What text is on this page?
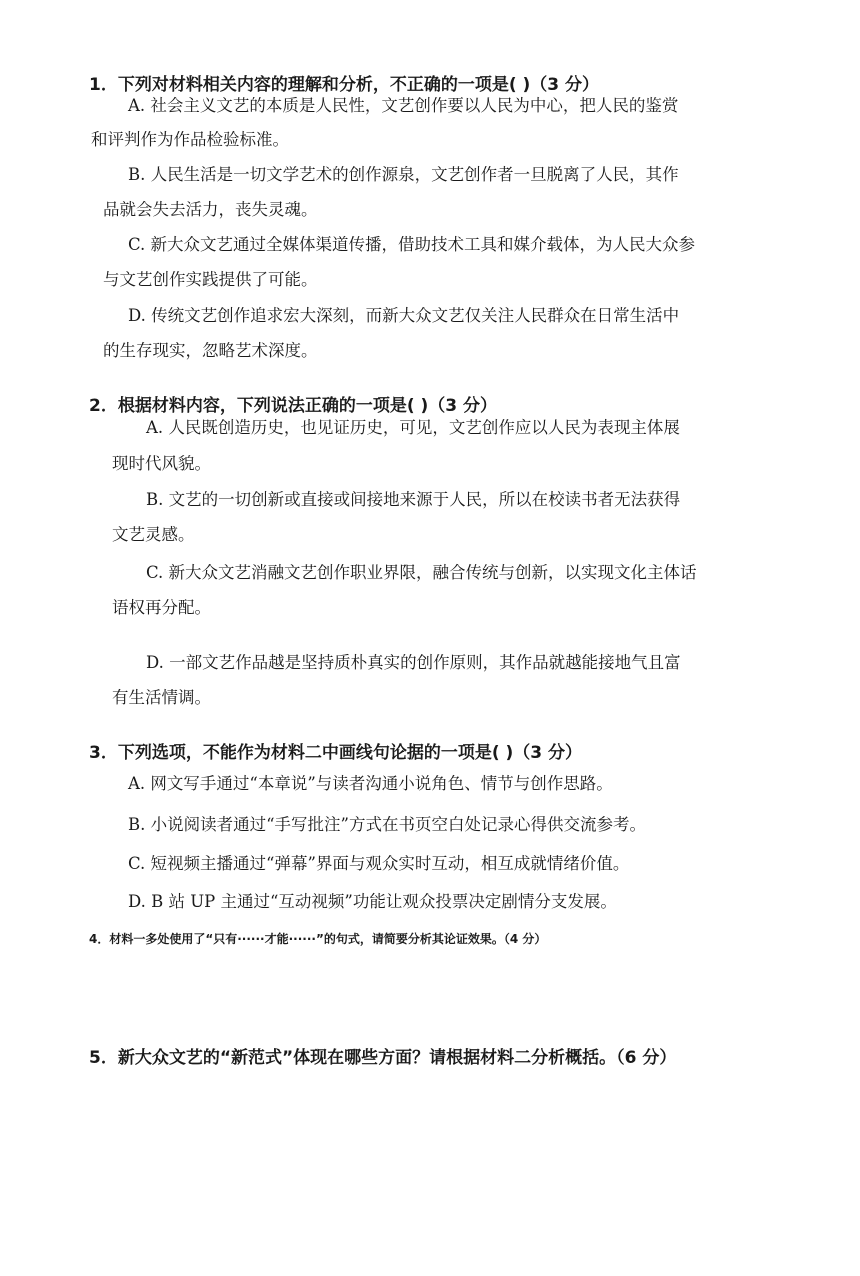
1．下列对材料相关内容的理解和分析，不正确的一项是( )（3 分）
A. 社会主义文艺的本质是人民性，文艺创作要以人民为中心，把人民的鉴赏
和评判作为作品检验标准。
B. 人民生活是一切文学艺术的创作源泉，文艺创作者一旦脱离了人民，其作
品就会失去活力，丧失灵魂。
C. 新大众文艺通过全媒体渠道传播，借助技术工具和媒介载体，为人民大众参
与文艺创作实践提供了可能。
D. 传统文艺创作追求宏大深刻，而新大众文艺仅关注人民群众在日常生活中
的生存现实，忽略艺术深度。
2．根据材料内容，下列说法正确的一项是( )（3 分）
A. 人民既创造历史，也见证历史，可见，文艺创作应以人民为表现主体展
现时代风貌。
B. 文艺的一切创新或直接或间接地来源于人民，所以在校读书者无法获得
文艺灵感。
C. 新大众文艺消融文艺创作职业界限，融合传统与创新，以实现文化主体话
语权再分配。
D. 一部文艺作品越是坚持质朴真实的创作原则，其作品就越能接地气且富
有生活情调。
3．下列选项，不能作为材料二中画线句论据的一项是( )（3 分）
A. 网文写手通过“本章说”与读者沟通小说角色、情节与创作思路。
B. 小说阅读者通过“手写批注”方式在书页空白处记录心得供交流参考。
C. 短视频主播通过“弹幕”界面与观众实时互动，相互成就情绪价值。
D. B 站 UP 主通过“互动视频”功能让观众投票决定剧情分支发展。
4．材料一多处使用了“只有······才能······”的句式，请简要分析其论证效果。（4 分）
5．新大众文艺的“新范式”体现在哪些方面？请根据材料二分析概括。（6 分）
